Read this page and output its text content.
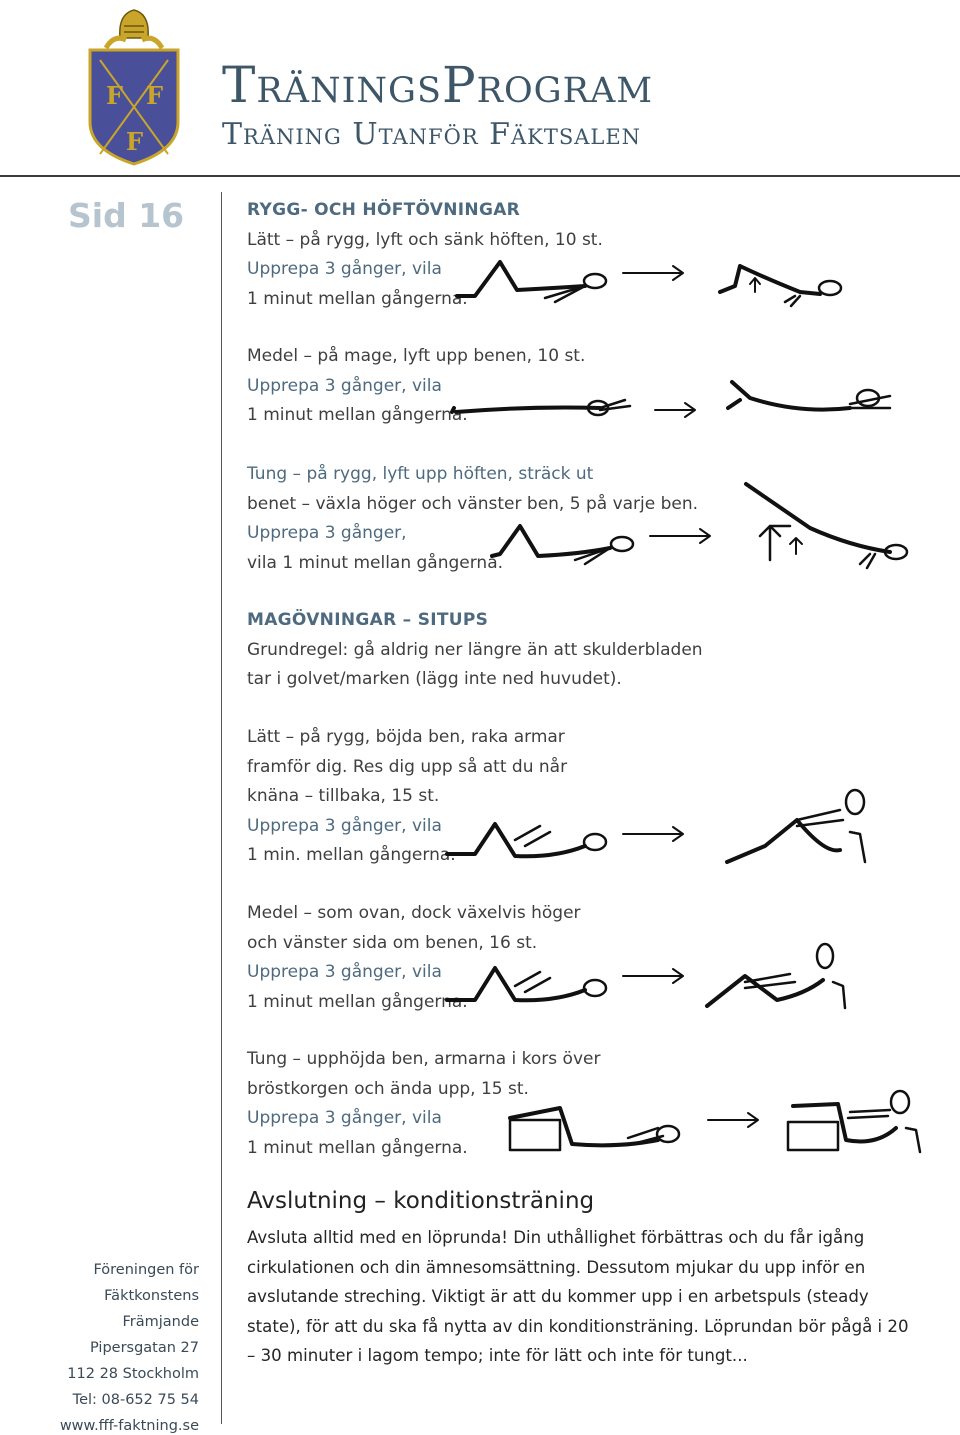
F F
F
TräningsProgram
Träning Utanför Fäktsalen
Sid 16	RYGG- OCH HÖFTÖVNINGAR
Lätt – på rygg, lyft och sänk höften, 10 st.
Upprepa 3 gånger, vila
1 minut mellan gångerna.
Medel – på mage, lyft upp benen, 10 st.
Upprepa 3 gånger, vila
1 minut mellan gångerna.
Tung – på rygg, lyft upp höften, sträck ut
benet – växla höger och vänster ben, 5 på varje ben.
Upprepa 3 gånger,
vila 1 minut mellan gångerna.
MAGÖVNINGAR – SITUPS
Grundregel: gå aldrig ner längre än att skulderbladen
tar i golvet/marken (lägg inte ned huvudet).
Lätt – på rygg, böjda ben, raka armar
framför dig. Res dig upp så att du når
knäna – tillbaka, 15 st.
Upprepa 3 gånger, vila
1 min. mellan gångerna.
Medel – som ovan, dock växelvis höger
och vänster sida om benen, 16 st.
Upprepa 3 gånger, vila
1 minut mellan gångerna.
Tung – upphöjda ben, armarna i kors över
bröstkorgen och ända upp, 15 st.
Upprepa 3 gånger, vila
1 minut mellan gångerna.
Avslutning – konditionsträning
Avsluta alltid med en löprunda! Din uthållighet förbättras och du får igång cirkulationen och din ämnesomsättning. Dessutom mjukar du upp inför en avslutande streching. Viktigt är att du kommer upp i en arbetspuls (steady state), för att du ska få nytta av din konditionsträning. Löprundan bör pågå i 20 – 30 minuter i lagom tempo; inte för lätt och inte för tungt...
Föreningen för
Fäktkonstens
Främjande
Pipersgatan 27
112 28 Stockholm
Tel: 08-652 75 54
www.fff-faktning.se
